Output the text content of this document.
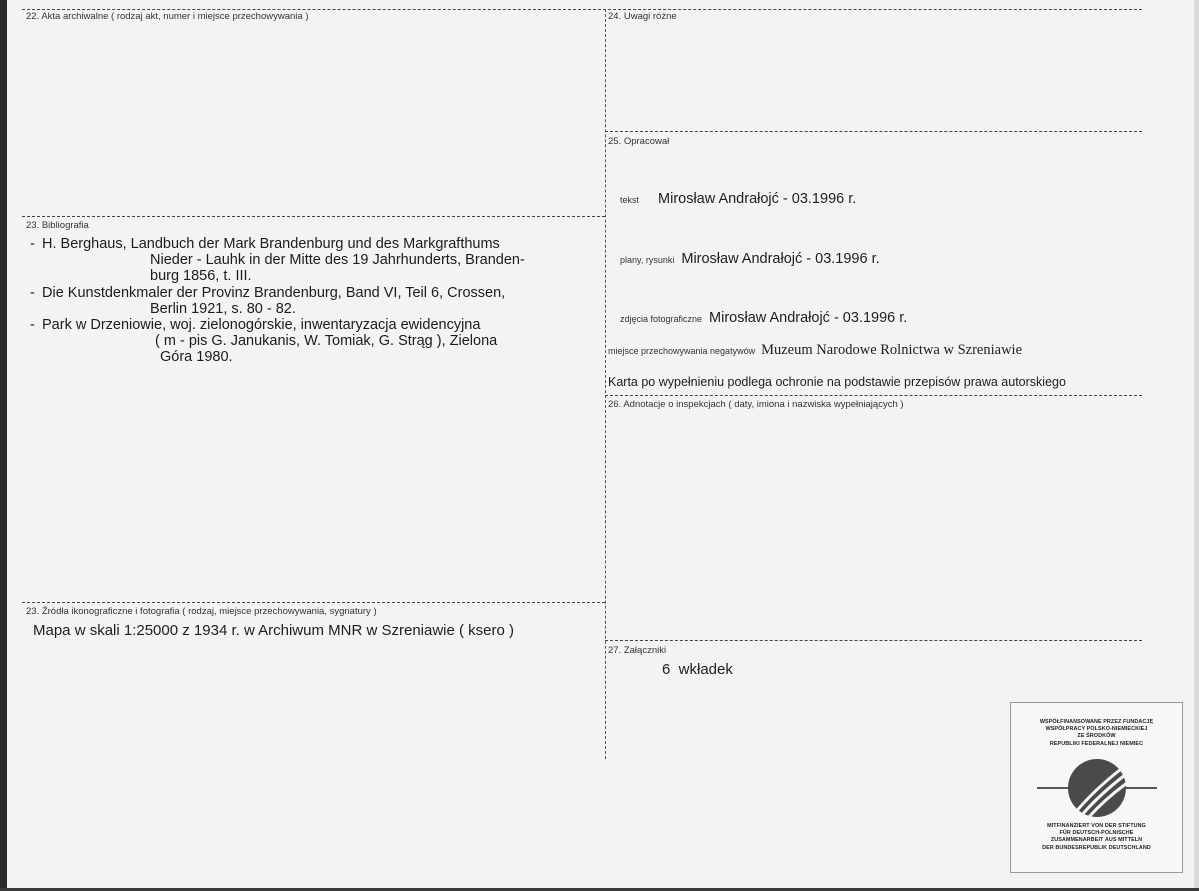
22. Akta archiwalne ( rodzaj akt, numer i miejsce przechowywania )	24. Uwagi różne
25. Opracował
tekst Mirosław Andrałojć - 03.1996 r.
plany, rysunki Mirosław Andrałojć - 03.1996 r.
zdjęcia fotograficzne Mirosław Andrałojć - 03.1996 r.
miejsce przechowywania negatywów Muzeum Narodowe Rolnictwa w Szreniawie
Karta po wypełnieniu podlega ochronie na podstawie przepisów prawa autorskiego
23. Bibliografia
- H. Berghaus, Landbuch der Mark Brandenburg und des Markgrafthums
Nieder - Lauhk in der Mitte des 19 Jahrhunderts, Branden-
burg 1856, t. III.
- Die Kunstdenkmaler der Provinz Brandenburg, Band VI, Teil 6, Crossen,
Berlin 1921, s. 80 - 82.
- Park w Drzeniowie, woj. zielonogórskie, inwentaryzacja ewidencyjna
( m - pis G. Janukanis, W. Tomiak, G. Strąg ), Zielona
Góra 1980.
26. Adnotacje o inspekcjach ( daty, imiona i nazwiska wypełniających )
23. Źródła ikonograficzne i fotografia ( rodzaj, miejsce przechowywania, sygnatury )
Mapa w skali 1:25000 z 1934 r. w Archiwum MNR w Szreniawie ( ksero )
27. Załączniki
6  wkładek
WSPÓŁFINANSOWANE PRZEZ FUNDACJĘ
WSPÓŁPRACY POLSKO-NIEMIECKIEJ
ZE ŚRODKÓW
REPUBLIKI FEDERALNEJ NIEMIEC
MITFINANZIERT VON DER STIFTUNG
FÜR DEUTSCH-POLNISCHE
ZUSAMMENARBEIT AUS MITTELN
DER BUNDESREPUBLIK DEUTSCHLAND
